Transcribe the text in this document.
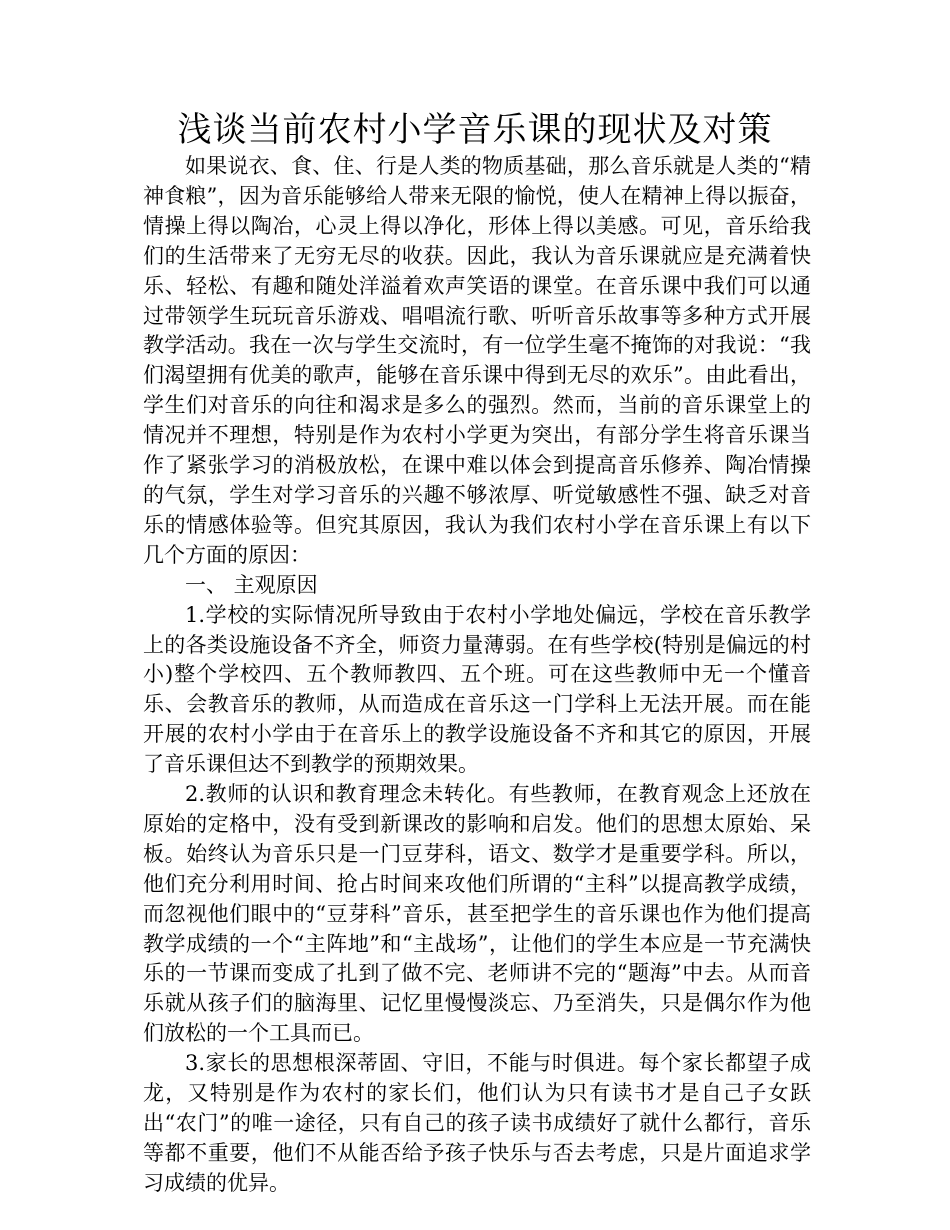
浅谈当前农村小学音乐课的现状及对策

如果说衣、食、住、行是人类的物质基础，那么音乐就是人类的“精神食粮”，因为音乐能够给人带来无限的愉悦，使人在精神上得以振奋，情操上得以陶冶，心灵上得以净化，形体上得以美感。可见，音乐给我们的生活带来了无穷无尽的收获。因此，我认为音乐课就应是充满着快乐、轻松、有趣和随处洋溢着欢声笑语的课堂。在音乐课中我们可以通过带领学生玩玩音乐游戏、唱唱流行歌、听听音乐故事等多种方式开展教学活动。我在一次与学生交流时，有一位学生毫不掩饰的对我说：“我们渴望拥有优美的歌声，能够在音乐课中得到无尽的欢乐”。由此看出，学生们对音乐的向往和渴求是多么的强烈。然而，当前的音乐课堂上的情况并不理想，特别是作为农村小学更为突出，有部分学生将音乐课当作了紧张学习的消极放松，在课中难以体会到提高音乐修养、陶冶情操的气氛，学生对学习音乐的兴趣不够浓厚、听觉敏感性不强、缺乏对音乐的情感体验等。但究其原因，我认为我们农村小学在音乐课上有以下几个方面的原因：

一、 主观原因

1.学校的实际情况所导致由于农村小学地处偏远，学校在音乐教学上的各类设施设备不齐全，师资力量薄弱。在有些学校(特别是偏远的村小)整个学校四、五个教师教四、五个班。可在这些教师中无一个懂音乐、会教音乐的教师，从而造成在音乐这一门学科上无法开展。而在能开展的农村小学由于在音乐上的教学设施设备不齐和其它的原因，开展了音乐课但达不到教学的预期效果。

2.教师的认识和教育理念未转化。有些教师，在教育观念上还放在原始的定格中，没有受到新课改的影响和启发。他们的思想太原始、呆板。始终认为音乐只是一门豆芽科，语文、数学才是重要学科。所以，他们充分利用时间、抢占时间来攻他们所谓的“主科”以提高教学成绩，而忽视他们眼中的“豆芽科”音乐，甚至把学生的音乐课也作为他们提高教学成绩的一个“主阵地”和“主战场”，让他们的学生本应是一节充满快乐的一节课而变成了扎到了做不完、老师讲不完的“题海”中去。从而音乐就从孩子们的脑海里、记忆里慢慢淡忘、乃至消失，只是偶尔作为他们放松的一个工具而已。

3.家长的思想根深蒂固、守旧，不能与时俱进。每个家长都望子成龙，又特别是作为农村的家长们，他们认为只有读书才是自己子女跃出“农门”的唯一途径，只有自己的孩子读书成绩好了就什么都行，音乐等都不重要，他们不从能否给予孩子快乐与否去考虑，只是片面追求学习成绩的优异。
